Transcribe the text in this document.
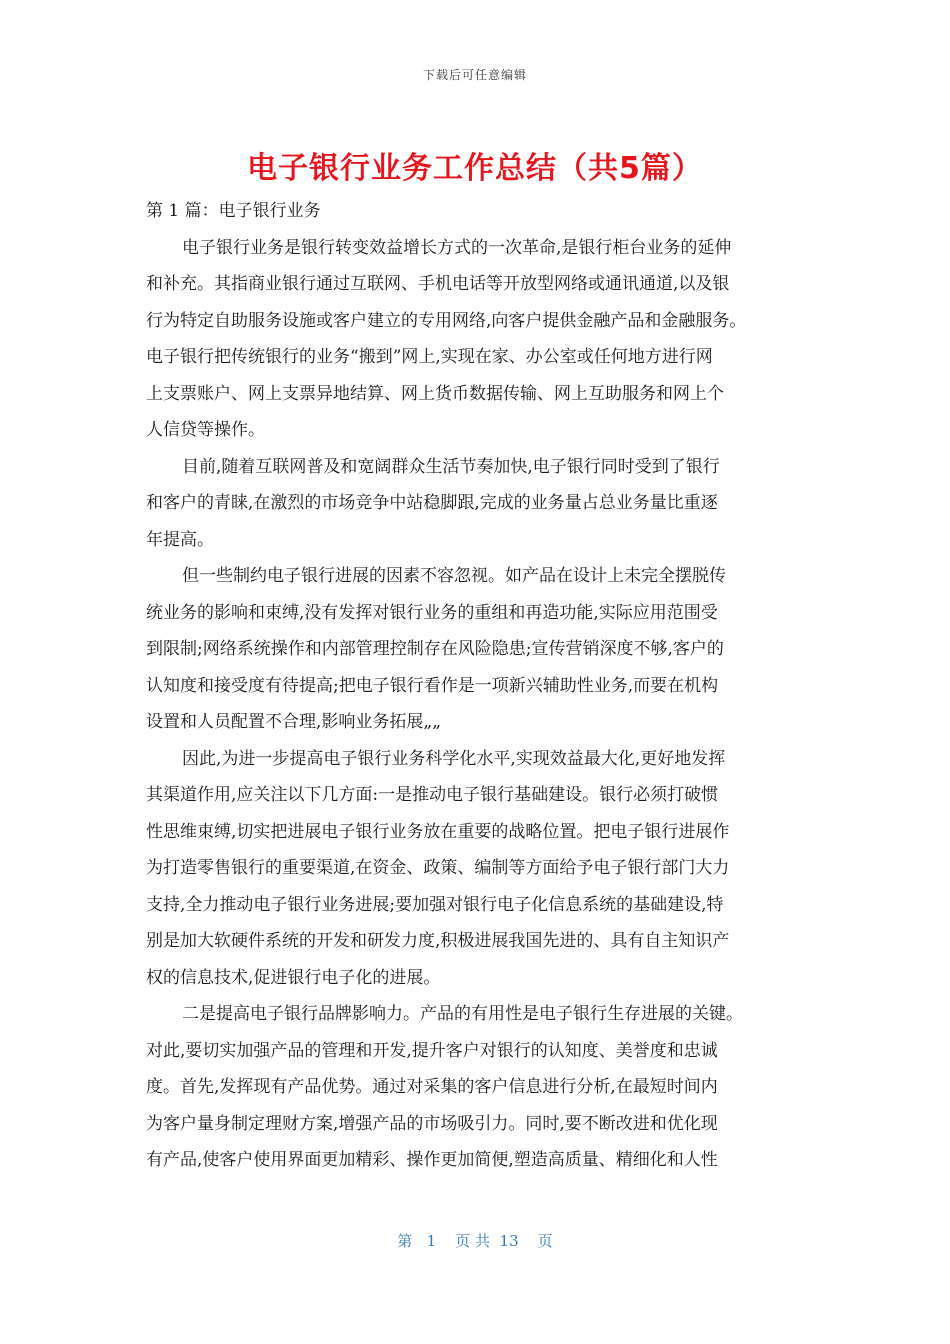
下载后可任意编辑
电子银行业务工作总结（共5篇）

第 1 篇：电子银行业务

电子银行业务是银行转变效益增长方式的一次革命,是银行柜台业务的延伸
和补充。其指商业银行通过互联网、手机电话等开放型网络或通讯通道,以及银
行为特定自助服务设施或客户建立的专用网络,向客户提供金融产品和金融服务。
电子银行把传统银行的业务“搬到”网上,实现在家、办公室或任何地方进行网
上支票账户、网上支票异地结算、网上货币数据传输、网上互助服务和网上个
人信贷等操作。

目前,随着互联网普及和宽阔群众生活节奏加快,电子银行同时受到了银行
和客户的青睐,在激烈的市场竞争中站稳脚跟,完成的业务量占总业务量比重逐
年提高。

但一些制约电子银行进展的因素不容忽视。如产品在设计上未完全摆脱传
统业务的影响和束缚,没有发挥对银行业务的重组和再造功能,实际应用范围受
到限制;网络系统操作和内部管理控制存在风险隐患;宣传营销深度不够,客户的
认知度和接受度有待提高;把电子银行看作是一项新兴辅助性业务,而要在机构
设置和人员配置不合理,影响业务拓展„„

因此,为进一步提高电子银行业务科学化水平,实现效益最大化,更好地发挥
其渠道作用,应关注以下几方面:一是推动电子银行基础建设。银行必须打破惯
性思维束缚,切实把进展电子银行业务放在重要的战略位置。把电子银行进展作
为打造零售银行的重要渠道,在资金、政策、编制等方面给予电子银行部门大力
支持,全力推动电子银行业务进展;要加强对银行电子化信息系统的基础建设,特
别是加大软硬件系统的开发和研发力度,积极进展我国先进的、具有自主知识产
权的信息技术,促进银行电子化的进展。

二是提高电子银行品牌影响力。产品的有用性是电子银行生存进展的关键。
对此,要切实加强产品的管理和开发,提升客户对银行的认知度、美誉度和忠诚
度。首先,发挥现有产品优势。通过对采集的客户信息进行分析,在最短时间内
为客户量身制定理财方案,增强产品的市场吸引力。同时,要不断改进和优化现
有产品,使客户使用界面更加精彩、操作更加简便,塑造高质量、精细化和人性

第   1    页 共  13    页
